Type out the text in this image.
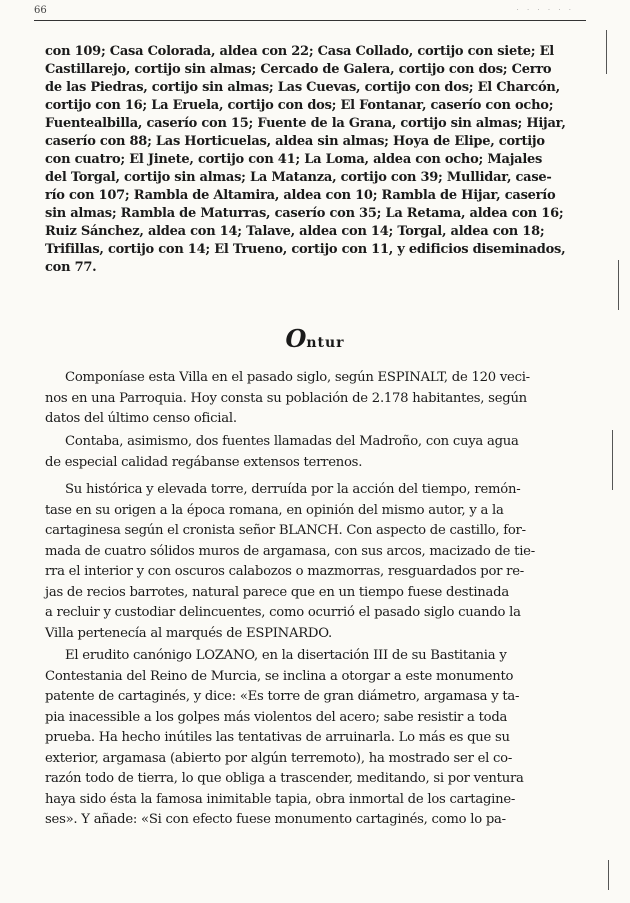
66	· · · · · ·
con 109; Casa Colorada, aldea con 22; Casa Collado, cortijo con siete; El
Castillarejo, cortijo sin almas; Cercado de Galera, cortijo con dos; Cerro
de las Piedras, cortijo sin almas; Las Cuevas, cortijo con dos; El Charcón,
cortijo con 16; La Eruela, cortijo con dos; El Fontanar, caserío con ocho;
Fuentealbilla, caserío con 15; Fuente de la Grana, cortijo sin almas; Hijar,
caserío con 88; Las Horticuelas, aldea sin almas; Hoya de Elipe, cortijo
con cuatro; El Jinete, cortijo con 41; La Loma, aldea con ocho; Majales
del Torgal, cortijo sin almas; La Matanza, cortijo con 39; Mullidar, case-
río con 107; Rambla de Altamira, aldea con 10; Rambla de Hijar, caserío
sin almas; Rambla de Maturras, caserío con 35; La Retama, aldea con 16;
Ruiz Sánchez, aldea con 14; Talave, aldea con 14; Torgal, aldea con 18;
Trifillas, cortijo con 14; El Trueno, cortijo con 11, y edificios diseminados,
con 77.
Ontur
Componíase esta Villa en el pasado siglo, según ESPINALT, de 120 veci-
nos en una Parroquia. Hoy consta su población de 2.178 habitantes, según
datos del último censo oficial.
Contaba, asimismo, dos fuentes llamadas del Madroño, con cuya agua
de especial calidad regábanse extensos terrenos.
Su histórica y elevada torre, derruída por la acción del tiempo, remón-
tase en su origen a la época romana, en opinión del mismo autor, y a la
cartaginesa según el cronista señor BLANCH. Con aspecto de castillo, for-
mada de cuatro sólidos muros de argamasa, con sus arcos, macizado de tie-
rra el interior y con oscuros calabozos o mazmorras, resguardados por re-
jas de recios barrotes, natural parece que en un tiempo fuese destinada
a recluir y custodiar delincuentes, como ocurrió el pasado siglo cuando la
Villa pertenecía al marqués de ESPINARDO.
El erudito canónigo LOZANO, en la disertación III de su Bastitania y
Contestania del Reino de Murcia, se inclina a otorgar a este monumento
patente de cartaginés, y dice: «Es torre de gran diámetro, argamasa y ta-
pia inacessible a los golpes más violentos del acero; sabe resistir a toda
prueba. Ha hecho inútiles las tentativas de arruinarla. Lo más es que su
exterior, argamasa (abierto por algún terremoto), ha mostrado ser el co-
razón todo de tierra, lo que obliga a trascender, meditando, si por ventura
haya sido ésta la famosa inimitable tapia, obra inmortal de los cartagine-
ses». Y añade: «Si con efecto fuese monumento cartaginés, como lo pa-
